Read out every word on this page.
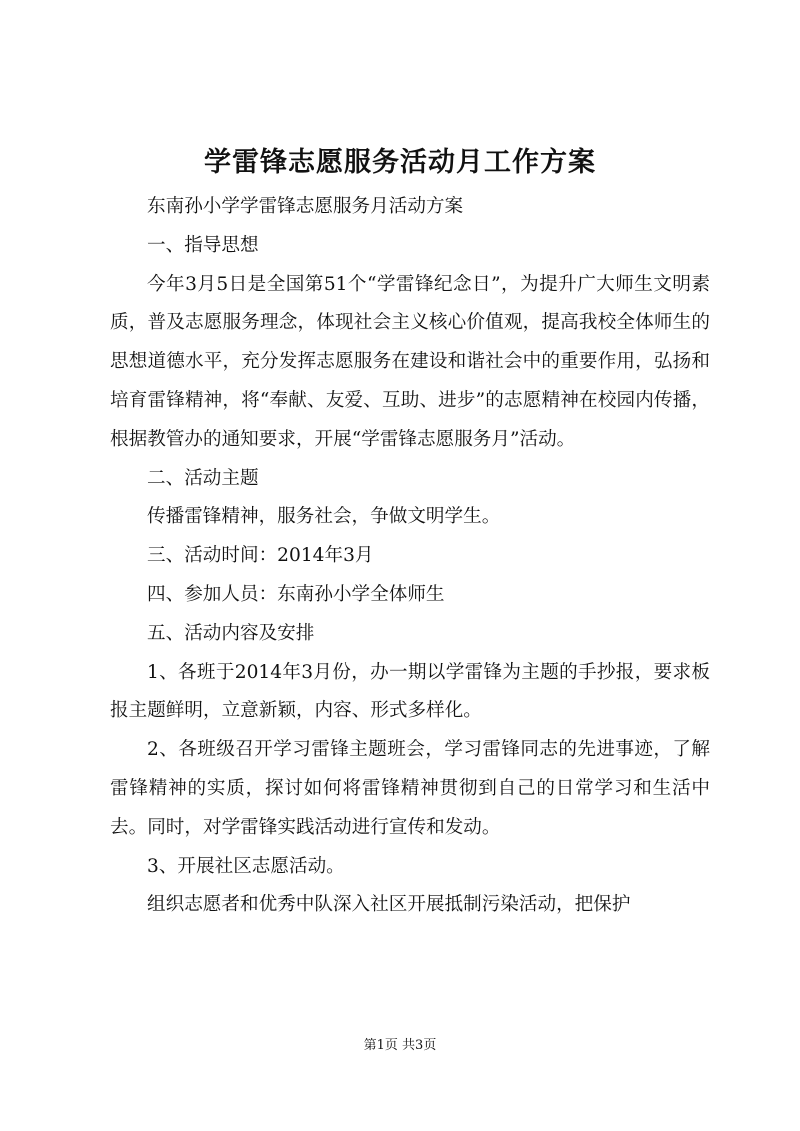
学雷锋志愿服务活动月工作方案

东南孙小学学雷锋志愿服务月活动方案

一、指导思想

今年3月5日是全国第51个“学雷锋纪念日”，为提升广大师生文明素质，普及志愿服务理念，体现社会主义核心价值观，提高我校全体师生的思想道德水平，充分发挥志愿服务在建设和谐社会中的重要作用，弘扬和培育雷锋精神，将“奉献、友爱、互助、进步”的志愿精神在校园内传播，根据教管办的通知要求，开展“学雷锋志愿服务月”活动。

二、活动主题

传播雷锋精神，服务社会，争做文明学生。

三、活动时间：2014年3月

四、参加人员：东南孙小学全体师生

五、活动内容及安排

1、各班于2014年3月份，办一期以学雷锋为主题的手抄报，要求板报主题鲜明，立意新颖，内容、形式多样化。

2、各班级召开学习雷锋主题班会，学习雷锋同志的先进事迹，了解雷锋精神的实质，探讨如何将雷锋精神贯彻到自己的日常学习和生活中去。同时，对学雷锋实践活动进行宣传和发动。

3、开展社区志愿活动。

组织志愿者和优秀中队深入社区开展抵制污染活动，把保护

第1页 共3页
